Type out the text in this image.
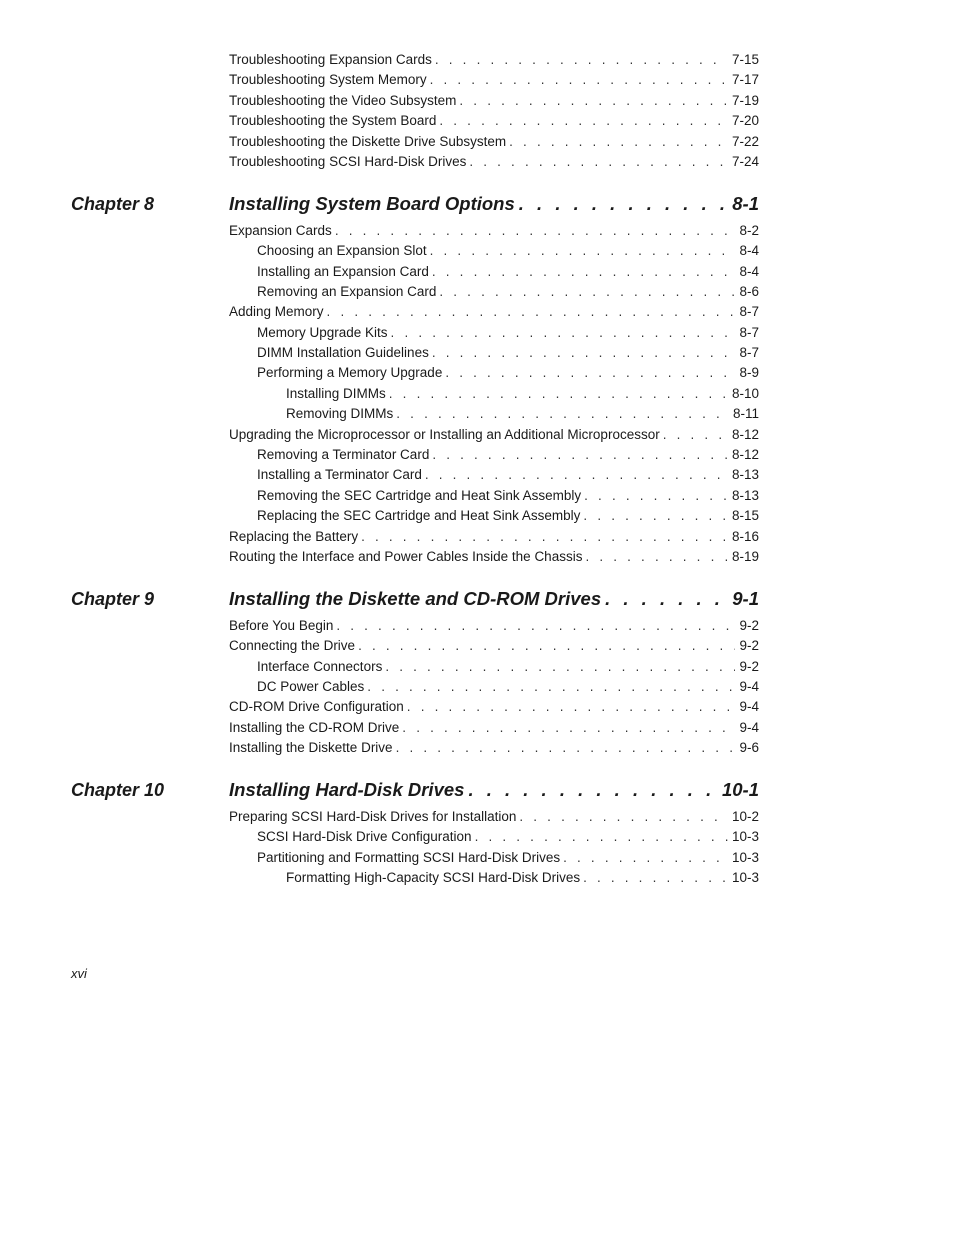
Troubleshooting Expansion Cards . . .	7-15
Troubleshooting System Memory . . .	7-17
Troubleshooting the Video Subsystem . . .	7-19
Troubleshooting the System Board . . .	7-20
Troubleshooting the Diskette Drive Subsystem . . .	7-22
Troubleshooting SCSI Hard-Disk Drives . . .	7-24
Chapter 8	Installing System Board Options . . .	8-1
Expansion Cards . . .	8-2
Choosing an Expansion Slot . . .	8-4
Installing an Expansion Card . . .	8-4
Removing an Expansion Card . . .	8-6
Adding Memory . . .	8-7
Memory Upgrade Kits . . .	8-7
DIMM Installation Guidelines . . .	8-7
Performing a Memory Upgrade . . .	8-9
Installing DIMMs . . .	8-10
Removing DIMMs . . .	8-11
Upgrading the Microprocessor or Installing an Additional Microprocessor . . .	8-12
Removing a Terminator Card . . .	8-12
Installing a Terminator Card . . .	8-13
Removing the SEC Cartridge and Heat Sink Assembly . . .	8-13
Replacing the SEC Cartridge and Heat Sink Assembly . . .	8-15
Replacing the Battery . . .	8-16
Routing the Interface and Power Cables Inside the Chassis . . .	8-19
Chapter 9	Installing the Diskette and CD-ROM Drives . . .	9-1
Before You Begin . . .	9-2
Connecting the Drive . . .	9-2
Interface Connectors . . .	9-2
DC Power Cables . . .	9-4
CD-ROM Drive Configuration . . .	9-4
Installing the CD-ROM Drive . . .	9-4
Installing the Diskette Drive . . .	9-6
Chapter 10	Installing Hard-Disk Drives . . .	10-1
Preparing SCSI Hard-Disk Drives for Installation . . .	10-2
SCSI Hard-Disk Drive Configuration . . .	10-3
Partitioning and Formatting SCSI Hard-Disk Drives . . .	10-3
Formatting High-Capacity SCSI Hard-Disk Drives . . .	10-3
xvi
